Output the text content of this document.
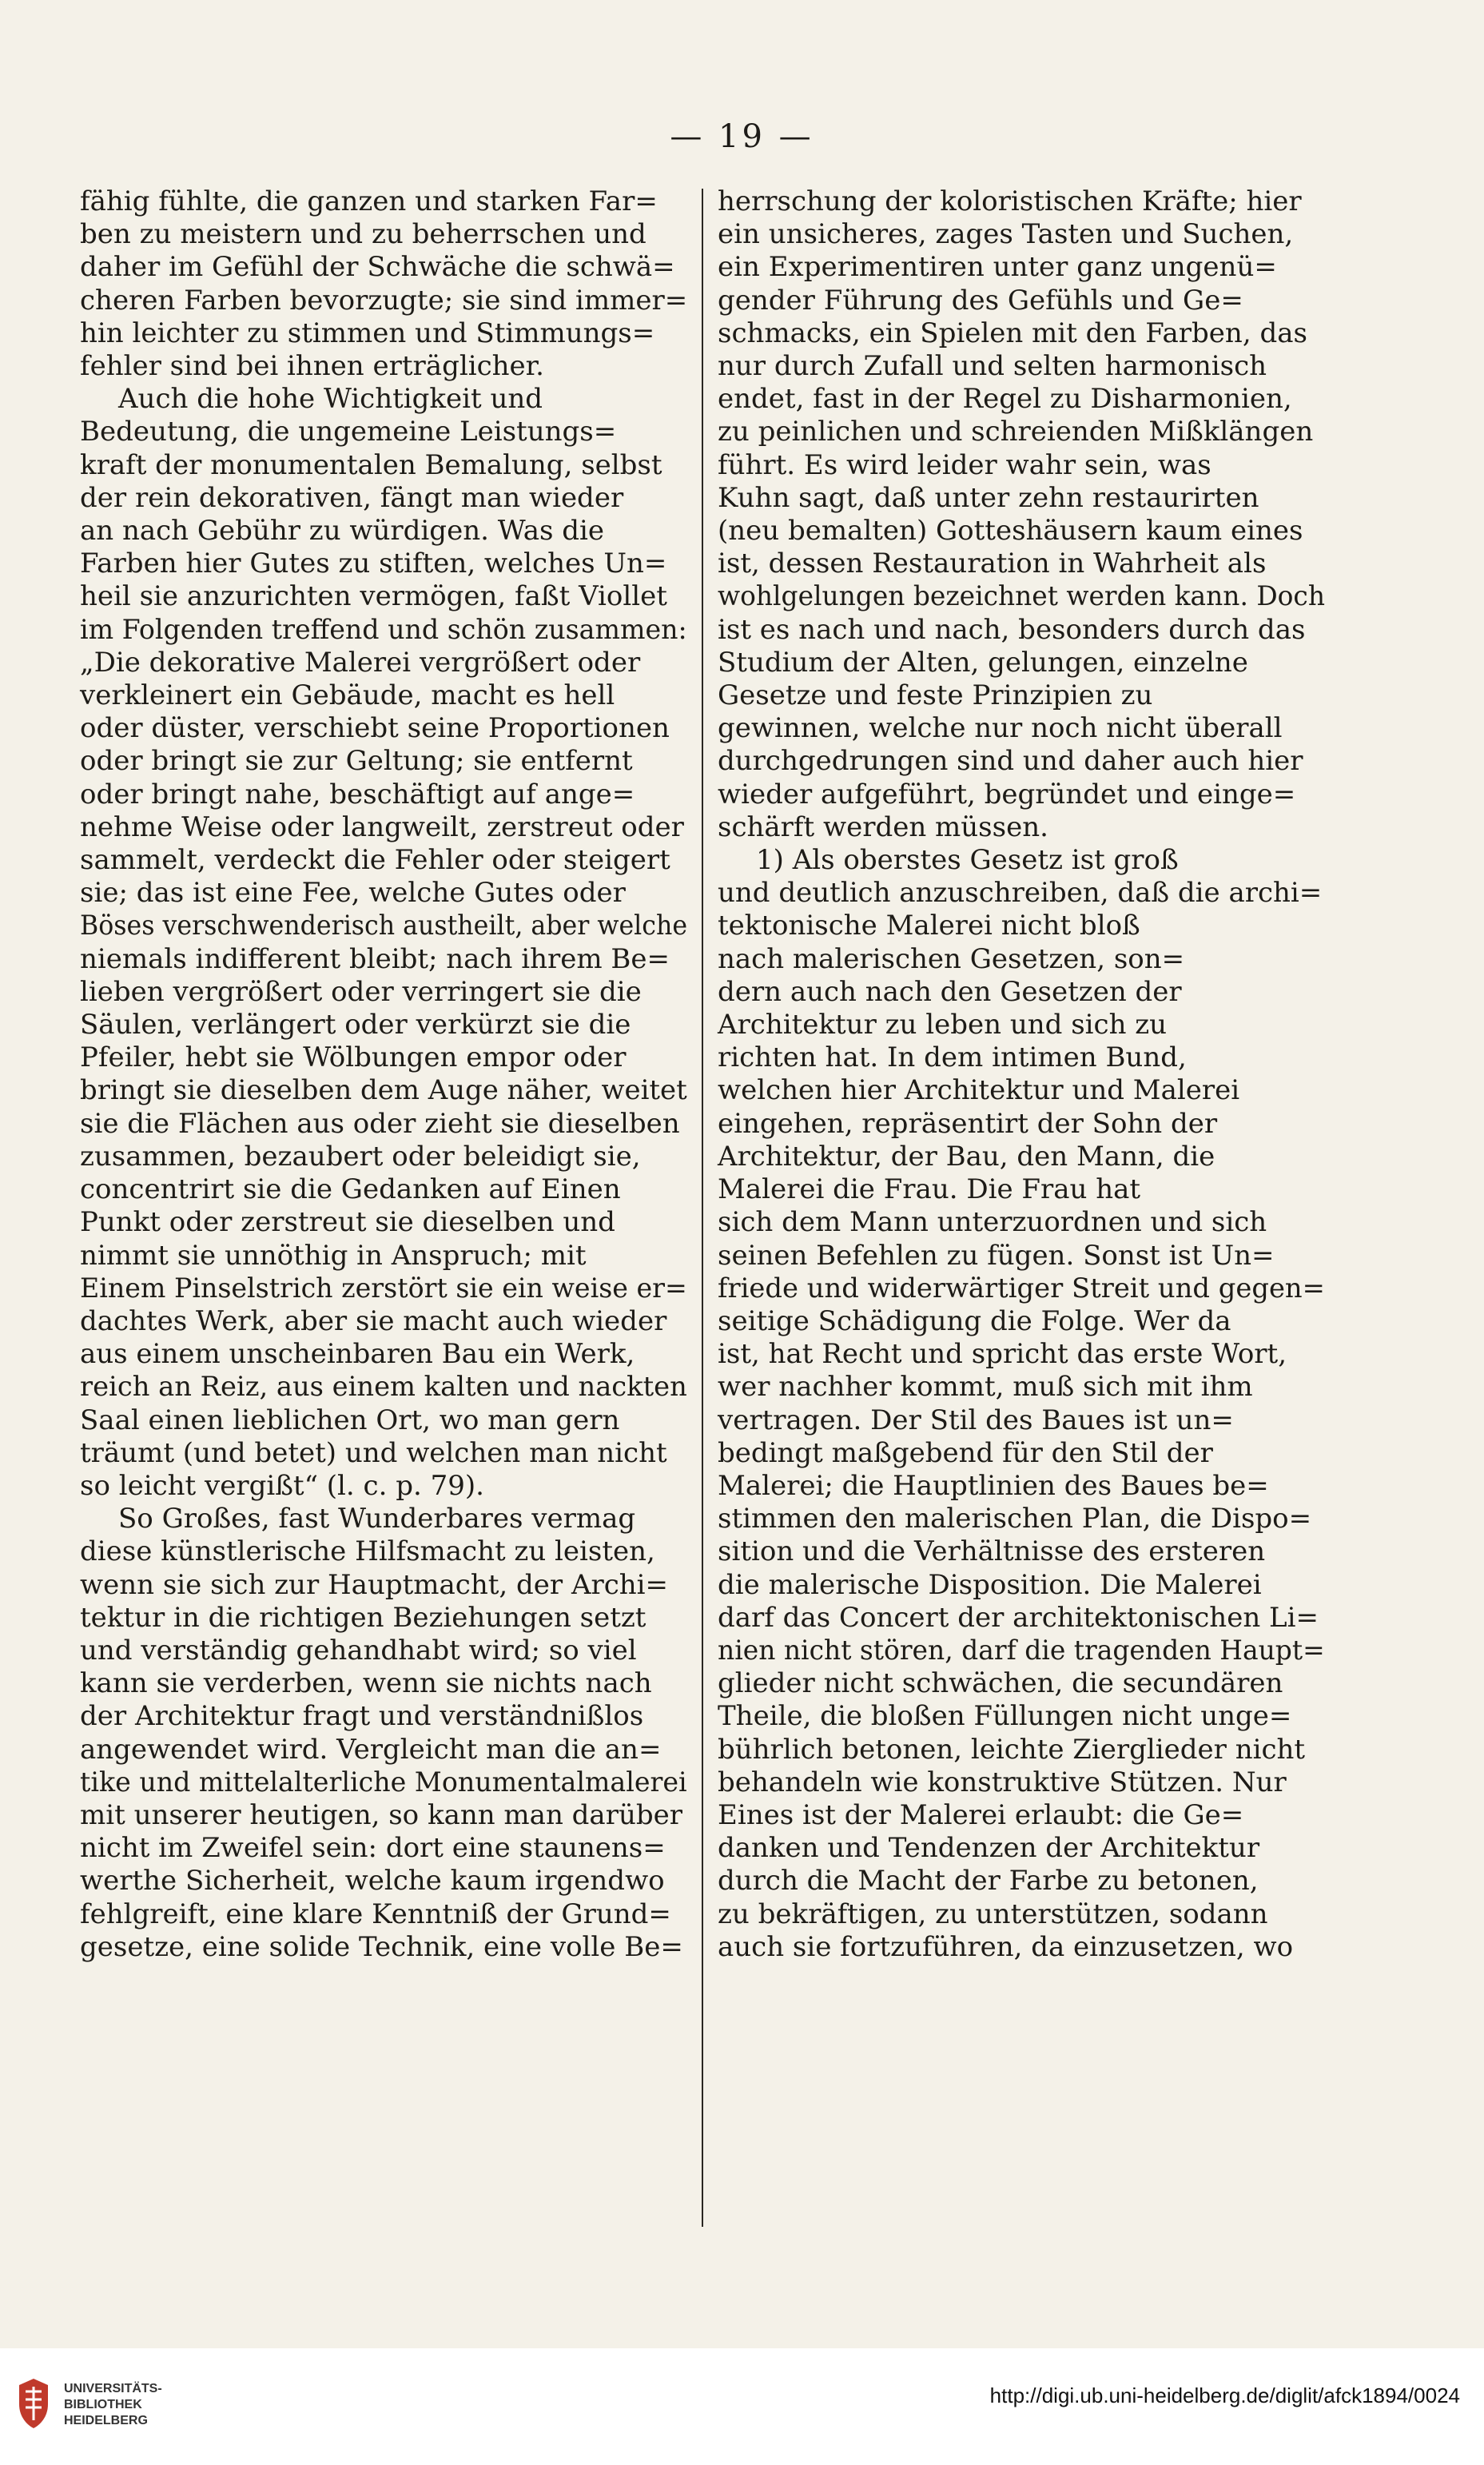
— 19 —

fähig fühlte, die ganzen und starken Far=
ben zu meistern und zu beherrschen und
daher im Gefühl der Schwäche die schwä=
cheren Farben bevorzugte; sie sind immer=
hin leichter zu stimmen und Stimmungs=
fehler sind bei ihnen erträglicher.

Auch die hohe Wichtigkeit und
Bedeutung, die ungemeine Leistungs=
kraft der monumentalen Bemalung, selbst
der rein dekorativen, fängt man wieder
an nach Gebühr zu würdigen. Was die
Farben hier Gutes zu stiften, welches Un=
heil sie anzurichten vermögen, faßt Viollet
im Folgenden treffend und schön zusammen:
„Die dekorative Malerei vergrößert oder
verkleinert ein Gebäude, macht es hell
oder düster, verschiebt seine Proportionen
oder bringt sie zur Geltung; sie entfernt
oder bringt nahe, beschäftigt auf ange=
nehme Weise oder langweilt, zerstreut oder
sammelt, verdeckt die Fehler oder steigert
sie; das ist eine Fee, welche Gutes oder
Böses verschwenderisch austheilt, aber welche
niemals indifferent bleibt; nach ihrem Be=
lieben vergrößert oder verringert sie die
Säulen, verlängert oder verkürzt sie die
Pfeiler, hebt sie Wölbungen empor oder
bringt sie dieselben dem Auge näher, weitet
sie die Flächen aus oder zieht sie dieselben
zusammen, bezaubert oder beleidigt sie,
concentrirt sie die Gedanken auf Einen
Punkt oder zerstreut sie dieselben und
nimmt sie unnöthig in Anspruch; mit
Einem Pinselstrich zerstört sie ein weise er=
dachtes Werk, aber sie macht auch wieder
aus einem unscheinbaren Bau ein Werk,
reich an Reiz, aus einem kalten und nackten
Saal einen lieblichen Ort, wo man gern
träumt (und betet) und welchen man nicht
so leicht vergißt“ (l. c. p. 79).

So Großes, fast Wunderbares vermag
diese künstlerische Hilfsmacht zu leisten,
wenn sie sich zur Hauptmacht, der Archi=
tektur in die richtigen Beziehungen setzt
und verständig gehandhabt wird; so viel
kann sie verderben, wenn sie nichts nach
der Architektur fragt und verständnißlos
angewendet wird. Vergleicht man die an=
tike und mittelalterliche Monumentalmalerei
mit unserer heutigen, so kann man darüber
nicht im Zweifel sein: dort eine staunens=
werthe Sicherheit, welche kaum irgendwo
fehlgreift, eine klare Kenntniß der Grund=
gesetze, eine solide Technik, eine volle Be=

herrschung der koloristischen Kräfte; hier
ein unsicheres, zages Tasten und Suchen,
ein Experimentiren unter ganz ungenü=
gender Führung des Gefühls und Ge=
schmacks, ein Spielen mit den Farben, das
nur durch Zufall und selten harmonisch
endet, fast in der Regel zu Disharmonien,
zu peinlichen und schreienden Mißklängen
führt. Es wird leider wahr sein, was
Kuhn sagt, daß unter zehn restaurirten
(neu bemalten) Gotteshäusern kaum eines
ist, dessen Restauration in Wahrheit als
wohlgelungen bezeichnet werden kann. Doch
ist es nach und nach, besonders durch das
Studium der Alten, gelungen, einzelne
Gesetze und feste Prinzipien zu
gewinnen, welche nur noch nicht überall
durchgedrungen sind und daher auch hier
wieder aufgeführt, begründet und einge=
schärft werden müssen.

1) Als oberstes Gesetz ist groß
und deutlich anzuschreiben, daß die archi=
tektonische Malerei nicht bloß
nach malerischen Gesetzen, son=
dern auch nach den Gesetzen der
Architektur zu leben und sich zu
richten hat. In dem intimen Bund,
welchen hier Architektur und Malerei
eingehen, repräsentirt der Sohn der
Architektur, der Bau, den Mann, die
Malerei die Frau. Die Frau hat
sich dem Mann unterzuordnen und sich
seinen Befehlen zu fügen. Sonst ist Un=
friede und widerwärtiger Streit und gegen=
seitige Schädigung die Folge. Wer da
ist, hat Recht und spricht das erste Wort,
wer nachher kommt, muß sich mit ihm
vertragen. Der Stil des Baues ist un=
bedingt maßgebend für den Stil der
Malerei; die Hauptlinien des Baues be=
stimmen den malerischen Plan, die Dispo=
sition und die Verhältnisse des ersteren
die malerische Disposition. Die Malerei
darf das Concert der architektonischen Li=
nien nicht stören, darf die tragenden Haupt=
glieder nicht schwächen, die secundären
Theile, die bloßen Füllungen nicht unge=
bührlich betonen, leichte Zierglieder nicht
behandeln wie konstruktive Stützen. Nur
Eines ist der Malerei erlaubt: die Ge=
danken und Tendenzen der Architektur
durch die Macht der Farbe zu betonen,
zu bekräftigen, zu unterstützen, sodann
auch sie fortzuführen, da einzusetzen, wo

UNIVERSITÄTS-
BIBLIOTHEK
HEIDELBERG
http://digi.ub.uni-heidelberg.de/diglit/afck1894/0024
